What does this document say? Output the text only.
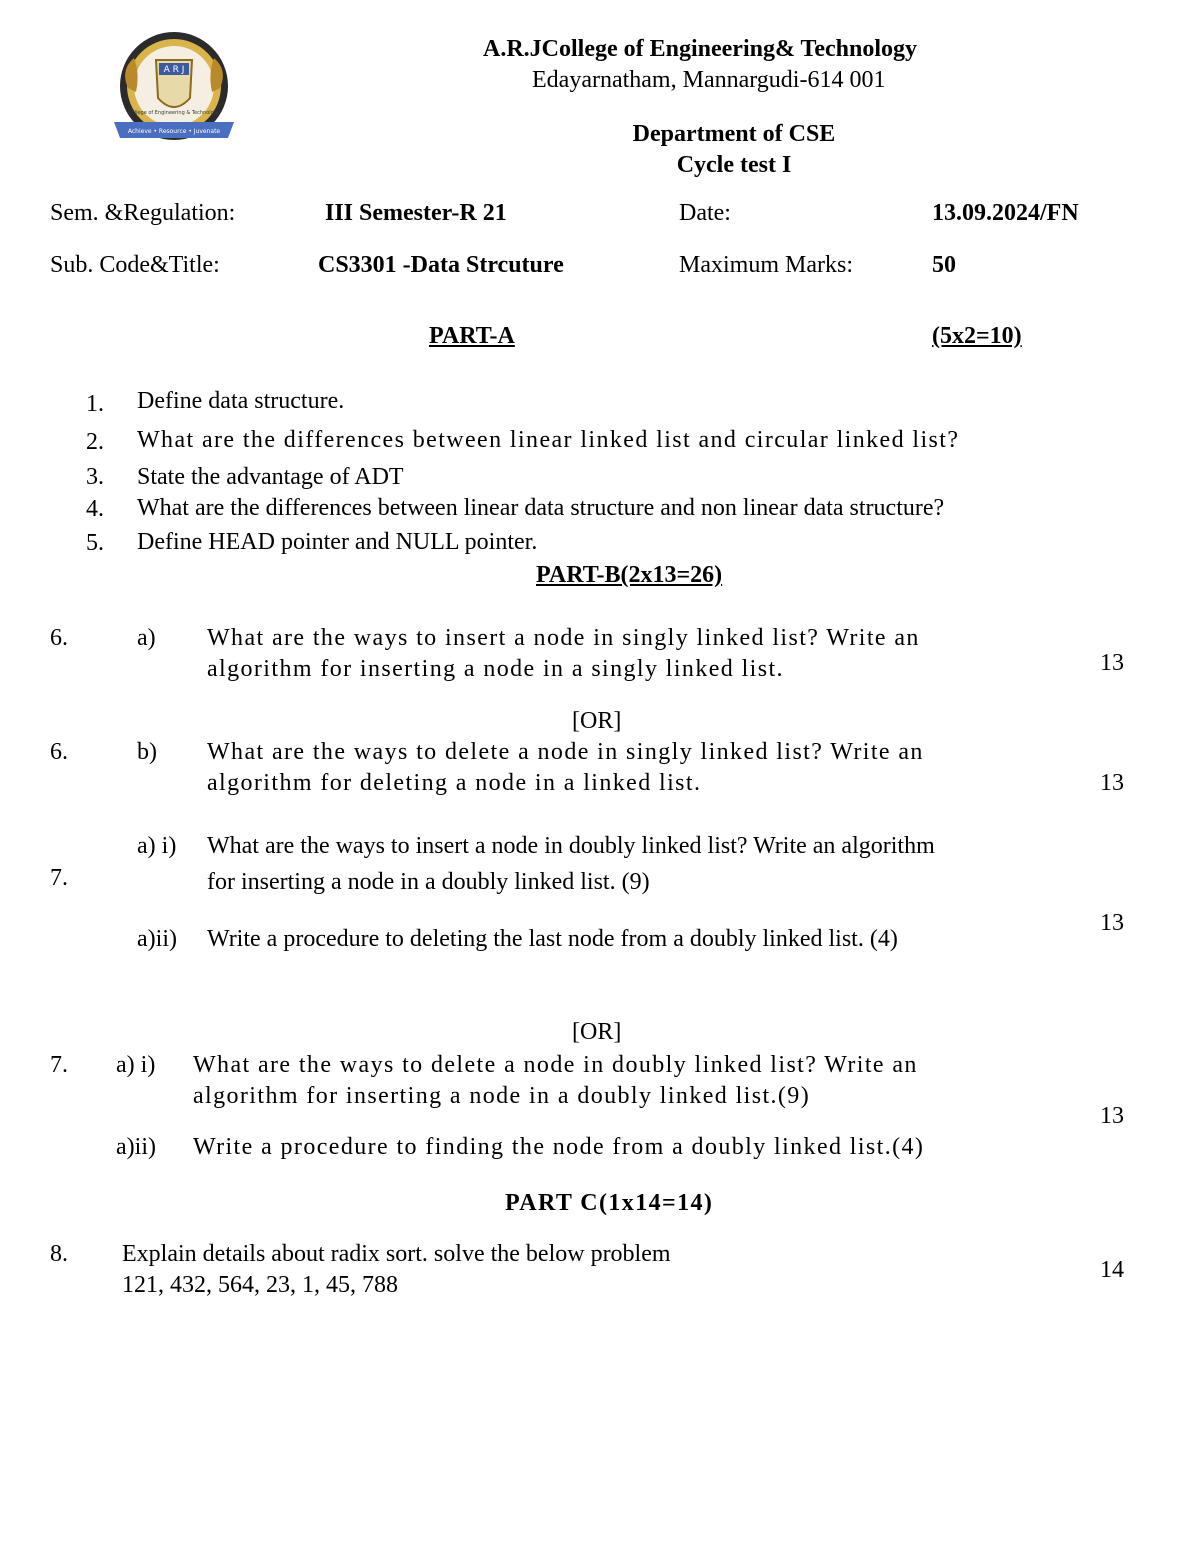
A R J
College of Engineering & Technology
Achieve • Resource • Juvenate
A.R.JCollege of Engineering& Technology
Edayarnatham, Mannargudi-614 001
Department of CSE
Cycle test I
Sem. &Regulation:	III Semester-R 21	Date:	13.09.2024/FN
Sub. Code&Title:	CS3301 -Data Strcuture	Maximum Marks:	50
PART-A	(5x2=10)
1. Define data structure.
2. What are the differences between linear linked list and circular linked list?
3. State the advantage of ADT
4. What are the differences between linear data structure and non linear data structure?
5. Define HEAD pointer and NULL pointer.
PART-B(2x13=26)
6.	a) What are the ways to insert a node in singly linked list? Write an
algorithm for inserting a node in a singly linked list.	13
[OR]
6.	b) What are the ways to delete a node in singly linked list? Write an
algorithm for deleting a node in a linked list.	13
7.
a) i) What are the ways to insert a node in doubly linked list? Write an algorithm
for inserting a node in a doubly linked list. (9)
a)ii) Write a procedure to deleting the last node from a doubly linked list. (4)
13
[OR]
7. a) i) What are the ways to delete a node in doubly linked list? Write an
algorithm for inserting a node in a doubly linked list.(9)
a)ii) Write a procedure to finding the node from a doubly linked list.(4)
13
PART C(1x14=14)
8. Explain details about radix sort. solve the below problem
121, 432, 564, 23, 1, 45, 788
14
